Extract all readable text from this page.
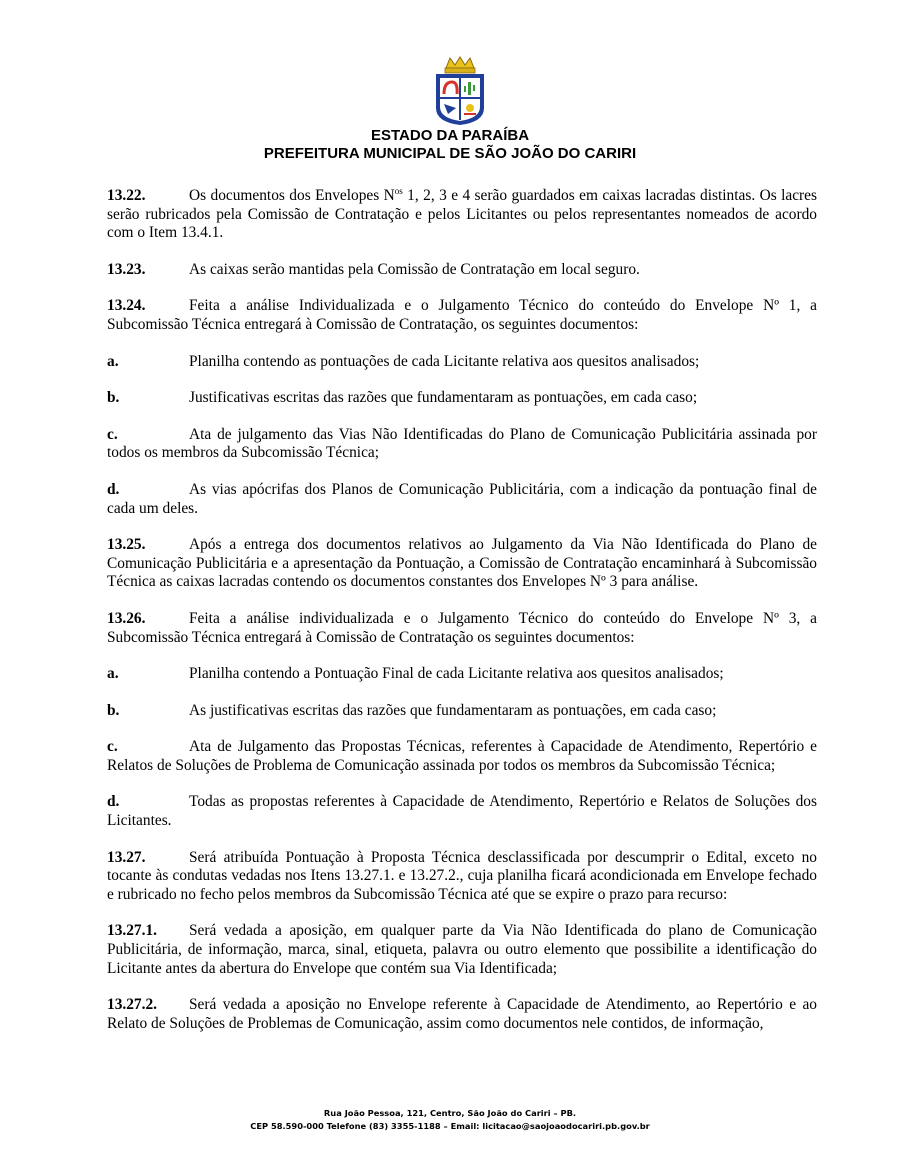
ESTADO DA PARAÍBA
PREFEITURA MUNICIPAL DE SÃO JOÃO DO CARIRI

13.22.	Os documentos dos Envelopes $N^{os}$ 1, 2, 3 e 4 serão guardados em caixas lacradas distintas. Os lacres serão rubricados pela Comissão de Contratação e pelos Licitantes ou pelos representantes nomeados de acordo com o Item 13.4.1.

13.23.	As caixas serão mantidas pela Comissão de Contratação em local seguro.

13.24.	Feita a análise Individualizada e o Julgamento Técnico do conteúdo do Envelope Nº 1, a Subcomissão Técnica entregará à Comissão de Contratação, os seguintes documentos:

a.	Planilha contendo as pontuações de cada Licitante relativa aos quesitos analisados;

b.	Justificativas escritas das razões que fundamentaram as pontuações, em cada caso;

c.	Ata de julgamento das Vias Não Identificadas do Plano de Comunicação Publicitária assinada por todos os membros da Subcomissão Técnica;

d.	As vias apócrifas dos Planos de Comunicação Publicitária, com a indicação da pontuação final de cada um deles.

13.25.	Após a entrega dos documentos relativos ao Julgamento da Via Não Identificada do Plano de Comunicação Publicitária e a apresentação da Pontuação, a Comissão de Contratação encaminhará à Subcomissão Técnica as caixas lacradas contendo os documentos constantes dos Envelopes Nº 3 para análise.

13.26.	Feita a análise individualizada e o Julgamento Técnico do conteúdo do Envelope Nº 3, a Subcomissão Técnica entregará à Comissão de Contratação os seguintes documentos:

a.	Planilha contendo a Pontuação Final de cada Licitante relativa aos quesitos analisados;

b.	As justificativas escritas das razões que fundamentaram as pontuações, em cada caso;

c.	Ata de Julgamento das Propostas Técnicas, referentes à Capacidade de Atendimento, Repertório e Relatos de Soluções de Problema de Comunicação assinada por todos os membros da Subcomissão Técnica;

d.	Todas as propostas referentes à Capacidade de Atendimento, Repertório e Relatos de Soluções dos Licitantes.

13.27.	Será atribuída Pontuação à Proposta Técnica desclassificada por descumprir o Edital, exceto no tocante às condutas vedadas nos Itens 13.27.1. e 13.27.2., cuja planilha ficará acondicionada em Envelope fechado e rubricado no fecho pelos membros da Subcomissão Técnica até que se expire o prazo para recurso:

13.27.1. Será vedada a aposição, em qualquer parte da Via Não Identificada do plano de Comunicação Publicitária, de informação, marca, sinal, etiqueta, palavra ou outro elemento que possibilite a identificação do Licitante antes da abertura do Envelope que contém sua Via Identificada;

13.27.2. Será vedada a aposição no Envelope referente à Capacidade de Atendimento, ao Repertório e ao Relato de Soluções de Problemas de Comunicação, assim como documentos nele contidos, de informação,

Rua João Pessoa, 121, Centro, São João do Cariri – PB.
CEP 58.590-000 Telefone (83) 3355-1188 – Email: licitacao@saojoaodocariri.pb.gov.br
